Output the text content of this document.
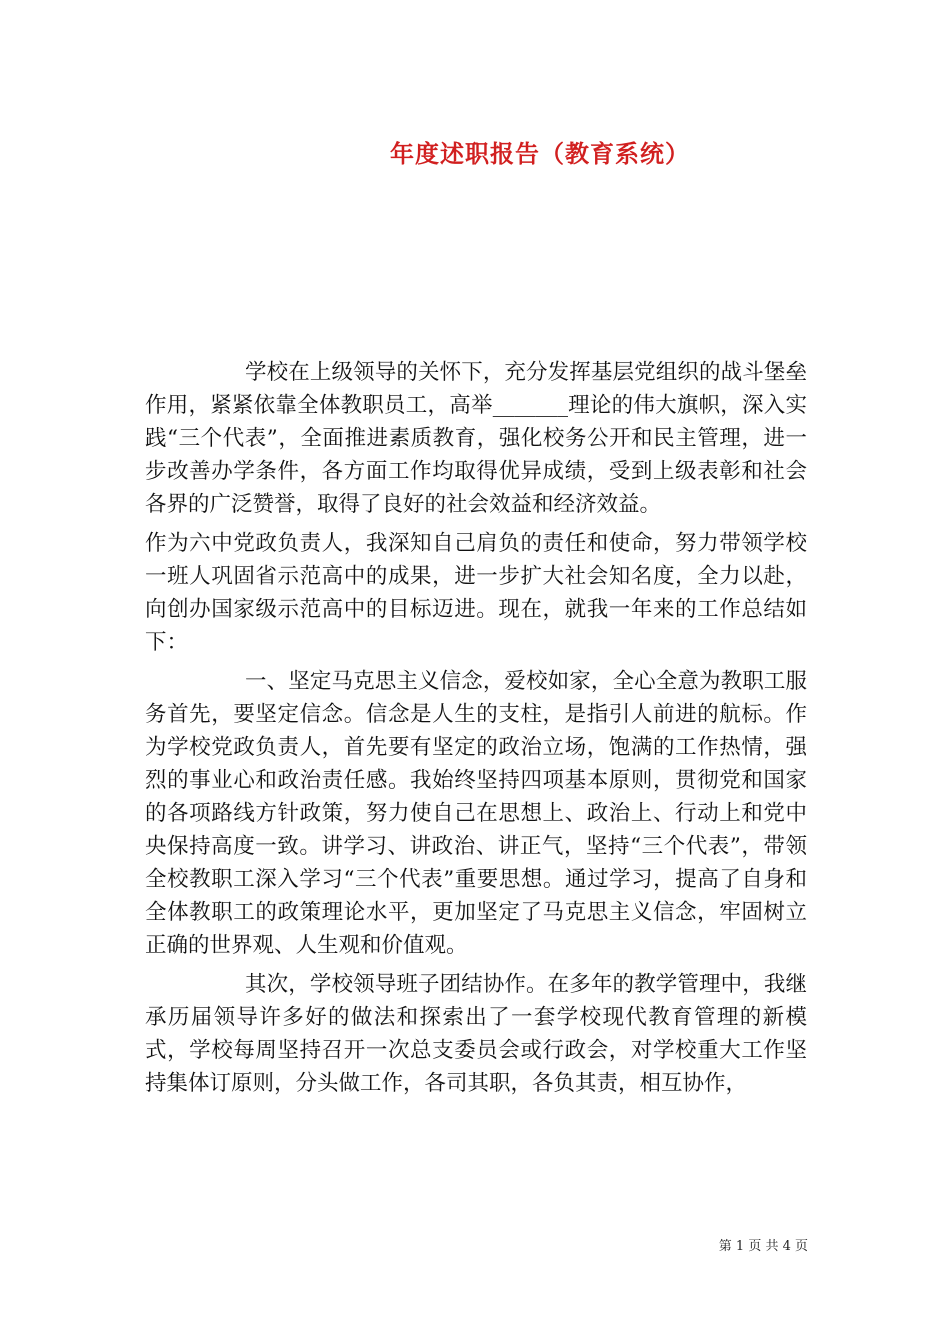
年度述职报告（教育系统）

学校在上级领导的关怀下，充分发挥基层党组织的战斗堡垒作用，紧紧依靠全体教职员工，高举_______理论的伟大旗帜，深入实践“三个代表”，全面推进素质教育，强化校务公开和民主管理，进一步改善办学条件，各方面工作均取得优异成绩，受到上级表彰和社会各界的广泛赞誉，取得了良好的社会效益和经济效益。

作为六中党政负责人，我深知自己肩负的责任和使命，努力带领学校一班人巩固省示范高中的成果，进一步扩大社会知名度，全力以赴，向创办国家级示范高中的目标迈进。现在，就我一年来的工作总结如下：

一、坚定马克思主义信念，爱校如家，全心全意为教职工服务首先，要坚定信念。信念是人生的支柱，是指引人前进的航标。作为学校党政负责人，首先要有坚定的政治立场，饱满的工作热情，强烈的事业心和政治责任感。我始终坚持四项基本原则，贯彻党和国家的各项路线方针政策，努力使自己在思想上、政治上、行动上和党中央保持高度一致。讲学习、讲政治、讲正气，坚持“三个代表”，带领全校教职工深入学习“三个代表”重要思想。通过学习，提高了自身和全体教职工的政策理论水平，更加坚定了马克思主义信念，牢固树立正确的世界观、人生观和价值观。

其次，学校领导班子团结协作。在多年的教学管理中，我继承历届领导许多好的做法和探索出了一套学校现代教育管理的新模式，学校每周坚持召开一次总支委员会或行政会，对学校重大工作坚持集体订原则，分头做工作，各司其职，各负其责，相互协作，

第 1 页 共 4 页
